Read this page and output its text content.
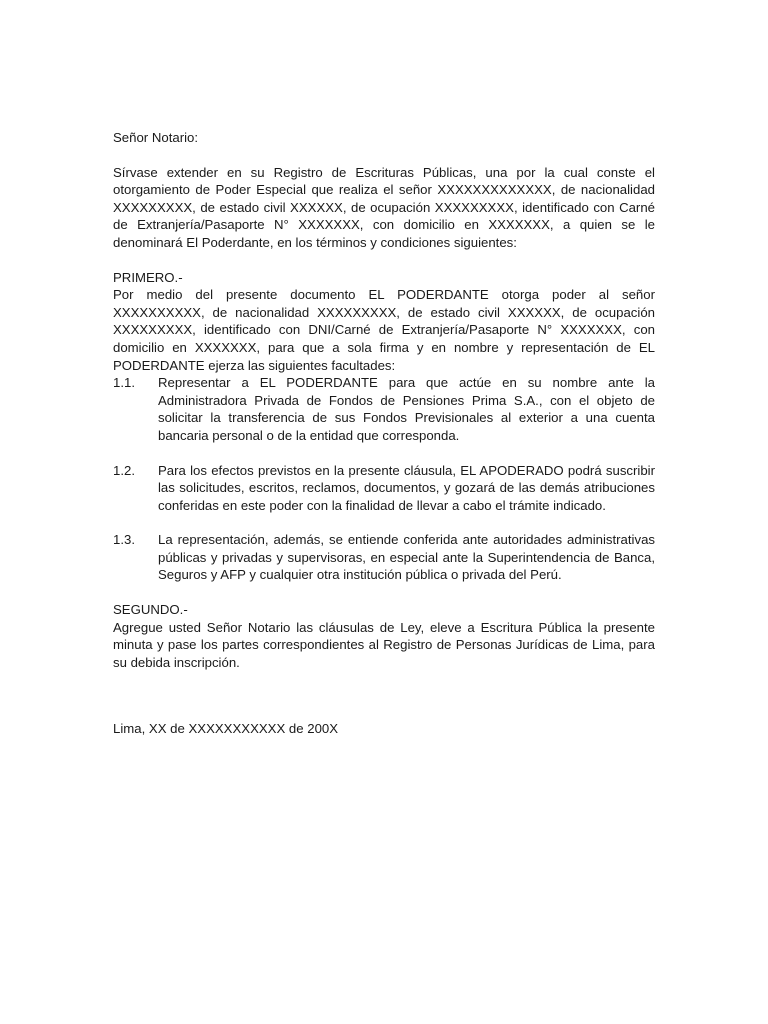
Señor Notario:

Sírvase extender en su Registro de Escrituras Públicas, una por la cual conste el otorgamiento de Poder Especial que realiza el señor XXXXXXXXXXXXX, de nacionalidad XXXXXXXXX, de estado civil XXXXXX, de ocupación XXXXXXXXX, identificado con Carné de Extranjería/Pasaporte N° XXXXXXX, con domicilio en XXXXXXX, a quien se le denominará El Poderdante, en los términos y condiciones siguientes:

PRIMERO.-

Por medio del presente documento EL PODERDANTE otorga poder al señor XXXXXXXXXX, de nacionalidad XXXXXXXXX, de estado civil XXXXXX, de ocupación XXXXXXXXX, identificado con DNI/Carné de Extranjería/Pasaporte N° XXXXXXX, con domicilio en XXXXXXX, para que a sola firma y en nombre y representación de EL PODERDANTE ejerza las siguientes facultades:

1.1.	Representar a EL PODERDANTE para que actúe en su nombre ante la Administradora Privada de Fondos de Pensiones Prima S.A., con el objeto de solicitar la transferencia de sus Fondos Previsionales al exterior a una cuenta bancaria personal o de la entidad que corresponda.
1.2.	Para los efectos previstos en la presente cláusula, EL APODERADO podrá suscribir las solicitudes, escritos, reclamos, documentos, y gozará de las demás atribuciones conferidas en este poder con la finalidad de llevar a cabo el trámite indicado.
1.3.	La representación, además, se entiende conferida ante autoridades administrativas públicas y privadas y supervisoras, en especial ante la Superintendencia de Banca, Seguros y AFP y cualquier otra institución pública o privada del Perú.

SEGUNDO.-

Agregue usted Señor Notario las cláusulas de Ley, eleve a Escritura Pública la presente minuta y pase los partes correspondientes al Registro de Personas Jurídicas de Lima, para su debida inscripción.

Lima, XX de XXXXXXXXXXX de 200X
